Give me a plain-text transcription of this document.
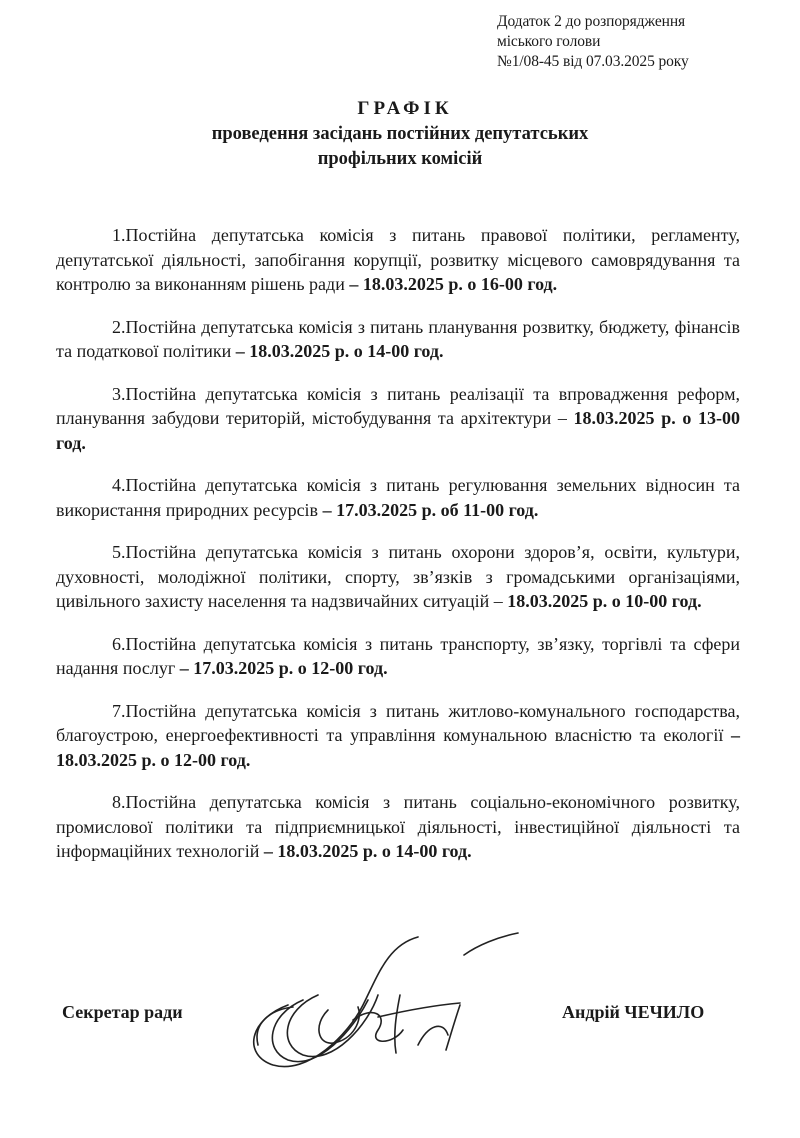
Додаток 2 до розпорядження
міського голови
№1/08-45 від 07.03.2025 року
ГРАФІК
проведення засідань постійних депутатських
профільних комісій

1.Постійна депутатська комісія з питань правової політики, регламенту, депутатської діяльності, запобігання корупції, розвитку місцевого самоврядування та контролю за виконанням рішень ради – 18.03.2025 р. о 16-00 год.

2.Постійна депутатська комісія з питань планування розвитку, бюджету, фінансів та податкової політики – 18.03.2025 р. о 14-00 год.

3.Постійна депутатська комісія з питань реалізації та впровадження реформ, планування забудови територій, містобудування та архітектури – 18.03.2025 р. о 13-00 год.

4.Постійна депутатська комісія з питань регулювання земельних відносин та використання природних ресурсів – 17.03.2025 р. об 11-00 год.

5.Постійна депутатська комісія з питань охорони здоров’я, освіти, культури, духовності, молодіжної політики, спорту, зв’язків з громадськими організаціями, цивільного захисту населення та надзвичайних ситуацій – 18.03.2025 р. о 10-00 год.

6.Постійна депутатська комісія з питань транспорту, зв’язку, торгівлі та сфери надання послуг – 17.03.2025 р. о 12-00 год.

7.Постійна депутатська комісія з питань житлово-комунального господарства, благоустрою, енергоефективності та управління комунальною власністю та екології – 18.03.2025 р. о 12-00 год.

8.Постійна депутатська комісія з питань соціально-економічного розвитку, промислової політики та підприємницької діяльності, інвестиційної діяльності та інформаційних технологій – 18.03.2025 р. о 14-00 год.

Секретар ради	Андрій ЧЕЧИЛО
